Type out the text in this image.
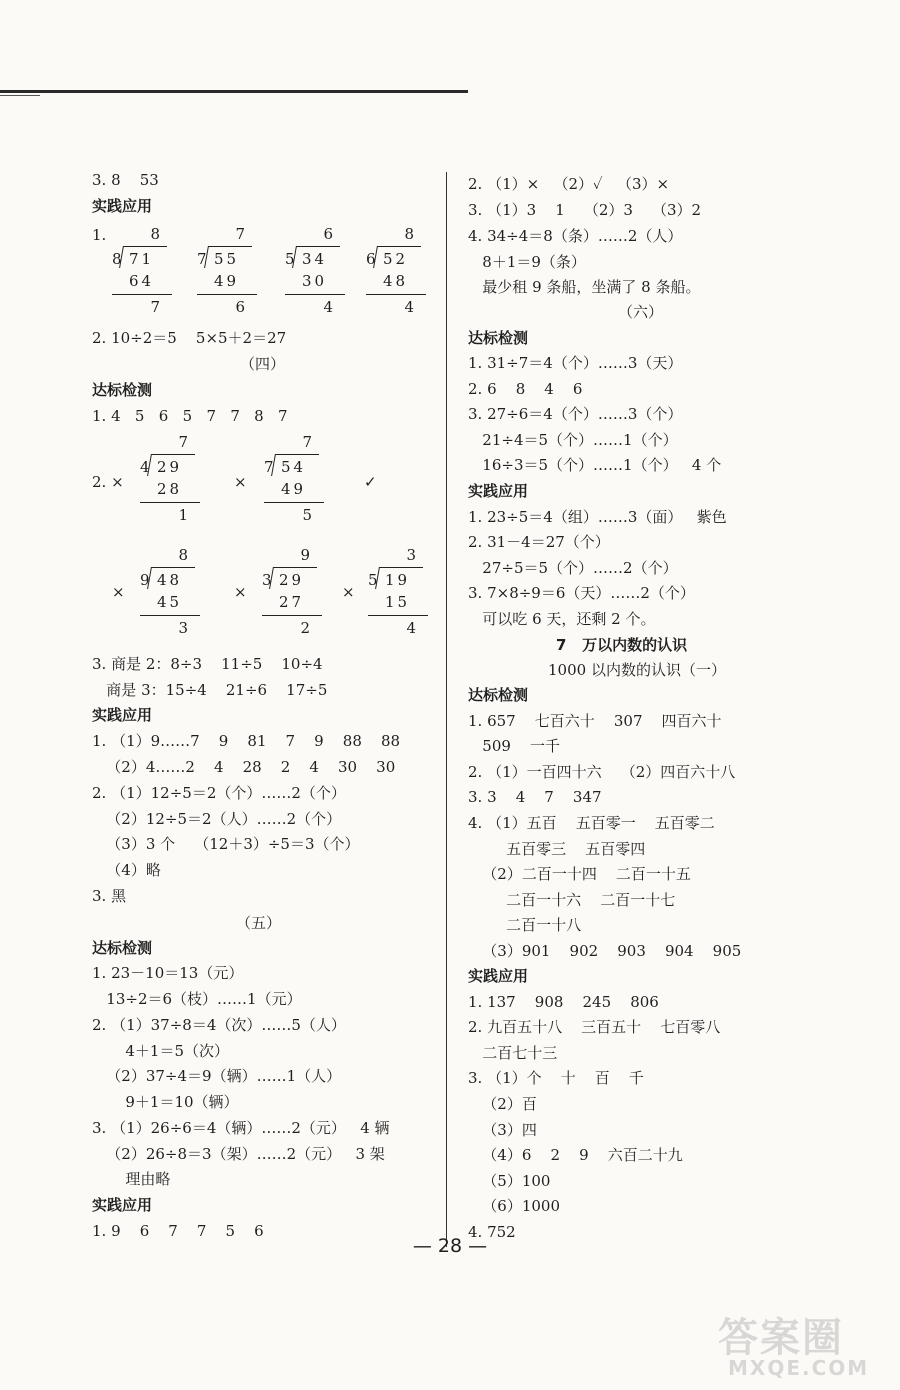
3. 8    53
实践应用
1.	8
8 71
64
7
7
7 55
49
6
6
5 34
30
4
8
6 52
48
4
2. 10÷2＝5    5×5＋2＝27
（四）
达标检测
1. 4   5   6   5   7   7   8   7
2. ×
7
4 29
28
1
×
7
7 54
49
5
✓
×
8
9 48
45
3
×
9
3 29
27
2
×
3
5 19
15
4
3. 商是 2：8÷3    11÷5    10÷4
商是 3：15÷4    21÷6    17÷5
实践应用
1. （1）9……7    9    81    7    9    88    88
（2）4……2    4    28    2    4    30    30
2. （1）12÷5＝2（个）……2（个）
（2）12÷5＝2（人）……2（个）
（3）3 个    （12＋3）÷5＝3（个）
（4）略
3. 黑
（五）
达标检测
1. 23－10＝13（元）
13÷2＝6（枝）……1（元）
2. （1）37÷8＝4（次）……5（人）
4＋1＝5（次）
（2）37÷4＝9（辆）……1（人）
9＋1＝10（辆）
3. （1）26÷6＝4（辆）……2（元）   4 辆
（2）26÷8＝3（架）……2（元）   3 架
理由略
实践应用
1. 9    6    7    7    5    6
2. （1）×   （2）✓   （3）×
3. （1）3    1    （2）3    （3）2
4. 34÷4＝8（条）……2（人）
8＋1＝9（条）
最少租 9 条船，坐满了 8 条船。
（六）
达标检测
1. 31÷7＝4（个）……3（天）
2. 6    8    4    6
3. 27÷6＝4（个）……3（个）
21÷4＝5（个）……1（个）
16÷3＝5（个）……1（个）   4 个
实践应用
1. 23÷5＝4（组）……3（面）   紫色
2. 31－4＝27（个）
27÷5＝5（个）……2（个）
3. 7×8÷9＝6（天）……2（个）
可以吃 6 天，还剩 2 个。
7   万以内数的认识
1000 以内数的认识（一）
达标检测
1. 657    七百六十    307    四百六十
509    一千
2. （1）一百四十六    （2）四百六十八
3. 3    4    7    347
4. （1）五百    五百零一    五百零二
五百零三    五百零四
（2）二百一十四    二百一十五
二百一十六    二百一十七
二百一十八
（3）901    902    903    904    905
实践应用
1. 137    908    245    806
2. 九百五十八    三百五十    七百零八
二百七十三
3. （1）个    十    百    千
（2）百
（3）四
（4）6    2    9    六百二十九
（5）100
（6）1000
4. 752
— 28 —
答案圈
MXQE.COM
